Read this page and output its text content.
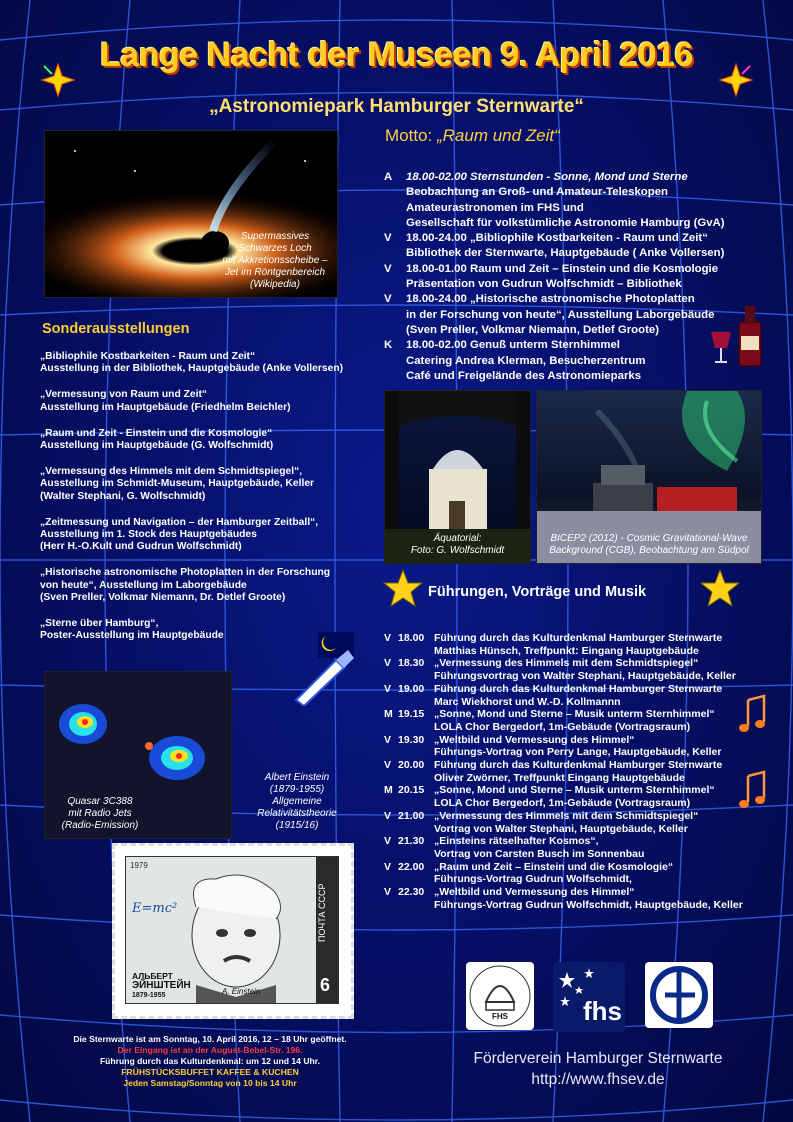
Lange Nacht der Museen 9. April 2016
„Astronomiepark Hamburger Sternwarte“
Supermassives
Schwarzes Loch
mit Akkretionsscheibe –
Jet im Röntgenbereich
(Wikipedia)
Motto: „Raum und Zeit“
A	18.00-02.00 Sternstunden - Sonne, Mond und Sterne
Beobachtung an Groß- und Amateur-Teleskopen
Amateurastronomen im FHS und
Gesellschaft für volkstümliche Astronomie Hamburg (GvA)
V	18.00-24.00 „Bibliophile Kostbarkeiten - Raum und Zeit“
Bibliothek der Sternwarte, Hauptgebäude ( Anke Vollersen)
V	18.00-01.00 Raum und Zeit – Einstein und die Kosmologie
Präsentation von Gudrun Wolfschmidt – Bibliothek
V	18.00-24.00 „Historische astronomische Photoplatten
in der Forschung von heute“, Ausstellung Laborgebäude
(Sven Preller, Volkmar Niemann, Detlef Groote)
K	18.00-02.00 Genuß unterm Sternhimmel
Catering Andrea Klerman, Besucherzentrum
Café und Freigelände des Astronomieparks
Sonderausstellungen
„Bibliophile Kostbarkeiten - Raum und Zeit“
Ausstellung in der Bibliothek, Hauptgebäude (Anke Vollersen)
„Vermessung von Raum und Zeit“
Ausstellung im Hauptgebäude (Friedhelm Beichler)
„Raum und Zeit - Einstein und die Kosmologie“
Ausstellung im Hauptgebäude (G. Wolfschmidt)
„Vermessung des Himmels mit dem Schmidtspiegel“,
Ausstellung im Schmidt-Museum, Hauptgebäude, Keller
(Walter Stephani, G. Wolfschmidt)
„Zeitmessung und Navigation – der Hamburger Zeitball“,
Ausstellung im 1. Stock des Hauptgebäudes
(Herr H.-O.Kult und Gudrun Wolfschmidt)
„Historische astronomische Photoplatten in der Forschung
von heute“, Ausstellung im Laborgebäude
(Sven Preller, Volkmar Niemann, Dr. Detlef Groote)
„Sterne über Hamburg“,
Poster-Ausstellung im Hauptgebäude
Äquatorial:
Foto: G. Wolfschmidt
BICEP2 (2012) - Cosmic Gravitational-Wave
Background (CGB), Beobachtung am Südpol
Führungen, Vorträge und Musik
V 18.00 Führung durch das Kulturdenkmal Hamburger Sternwarte
Matthias Hünsch, Treffpunkt: Eingang Hauptgebäude
V 18.30 „Vermessung des Himmels mit dem Schmidtspiegel“
Führungsvortrag von Walter Stephani, Hauptgebäude, Keller
V 19.00 Führung durch das Kulturdenkmal Hamburger Sternwarte
Marc Wiekhorst und W.-D. Kollmannn
M 19.15 „Sonne, Mond und Sterne – Musik unterm Sternhimmel“
LOLA Chor Bergedorf, 1m-Gebäude (Vortragsraum)
V 19.30 „Weltbild und Vermessung des Himmel“
Führungs-Vortrag von Perry Lange, Hauptgebäude, Keller
V 20.00 Führung durch das Kulturdenkmal Hamburger Sternwarte
Oliver Zwörner, Treffpunkt Eingang Hauptgebäude
M 20.15 „Sonne, Mond und Sterne – Musik unterm Sternhimmel“
LOLA Chor Bergedorf, 1m-Gebäude (Vortragsraum)
V 21.00 „Vermessung des Himmels mit dem Schmidtspiegel“
Vortrag von Walter Stephani, Hauptgebäude, Keller
V 21.30 „Einsteins rätselhafter Kosmos“,
Vortrag von Carsten Busch im Sonnenbau
V 22.00 „Raum und Zeit – Einstein und die Kosmologie“
Führungs-Vortrag Gudrun Wolfschmidt,
V 22.30 „Weltbild und Vermessung des Himmel“
Führungs-Vortrag Gudrun Wolfschmidt, Hauptgebäude, Keller
Quasar 3C388
mit Radio Jets
(Radio-Emission)
Albert Einstein
(1879-1955)
Allgemeine
Relativitätstheorie
(1915/16)
E=mc²
1979
АЛЬБЕРТ
ЭЙНШТЕЙН
1879-1955	A. Einstein
ПОЧТА СССР
6
Die Sternwarte ist am Sonntag, 10. April 2016, 12 – 18 Uhr geöffnet.
Der Eingang ist an der August-Bebel-Str. 196.
Führung durch das Kulturdenkmal: um 12 und 14 Uhr.
FRÜHSTÜCKSBUFFET KAFFEE & KUCHEN
Jeden Samstag/Sonntag von 10 bis 14 Uhr
FHS	fhs
Förderverein Hamburger Sternwarte
http://www.fhsev.de
